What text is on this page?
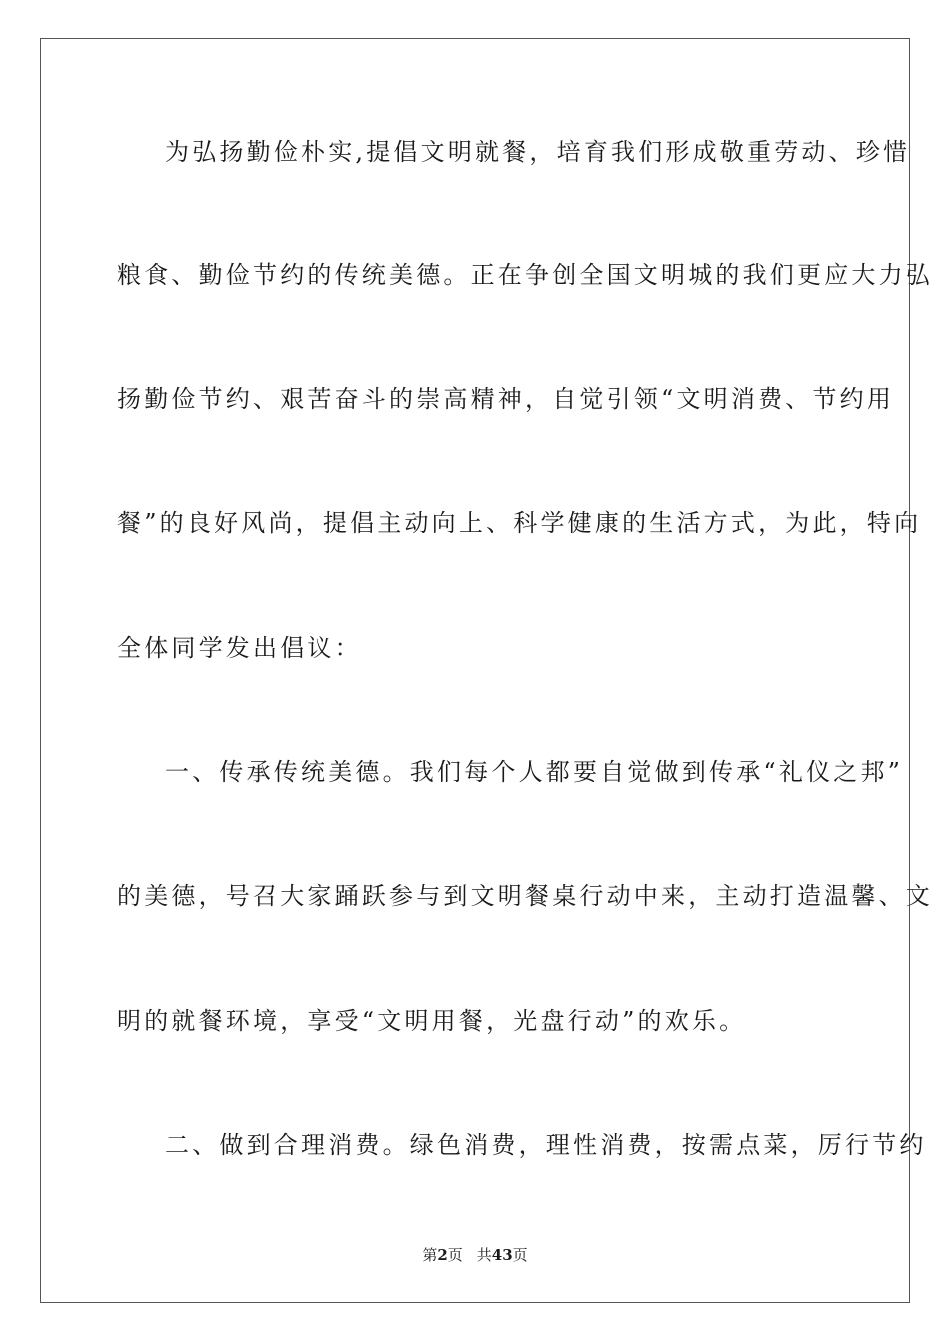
为弘扬勤俭朴实,提倡文明就餐，培育我们形成敬重劳动、珍惜
粮食、勤俭节约的传统美德。正在争创全国文明城的我们更应大力弘
扬勤俭节约、艰苦奋斗的崇高精神，自觉引领“文明消费、节约用
餐”的良好风尚，提倡主动向上、科学健康的生活方式，为此，特向
全体同学发出倡议：
一、传承传统美德。我们每个人都要自觉做到传承“礼仪之邦”
的美德，号召大家踊跃参与到文明餐桌行动中来，主动打造温馨、文
明的就餐环境，享受“文明用餐，光盘行动”的欢乐。
二、做到合理消费。绿色消费，理性消费，按需点菜，厉行节约
第2页 共43页
